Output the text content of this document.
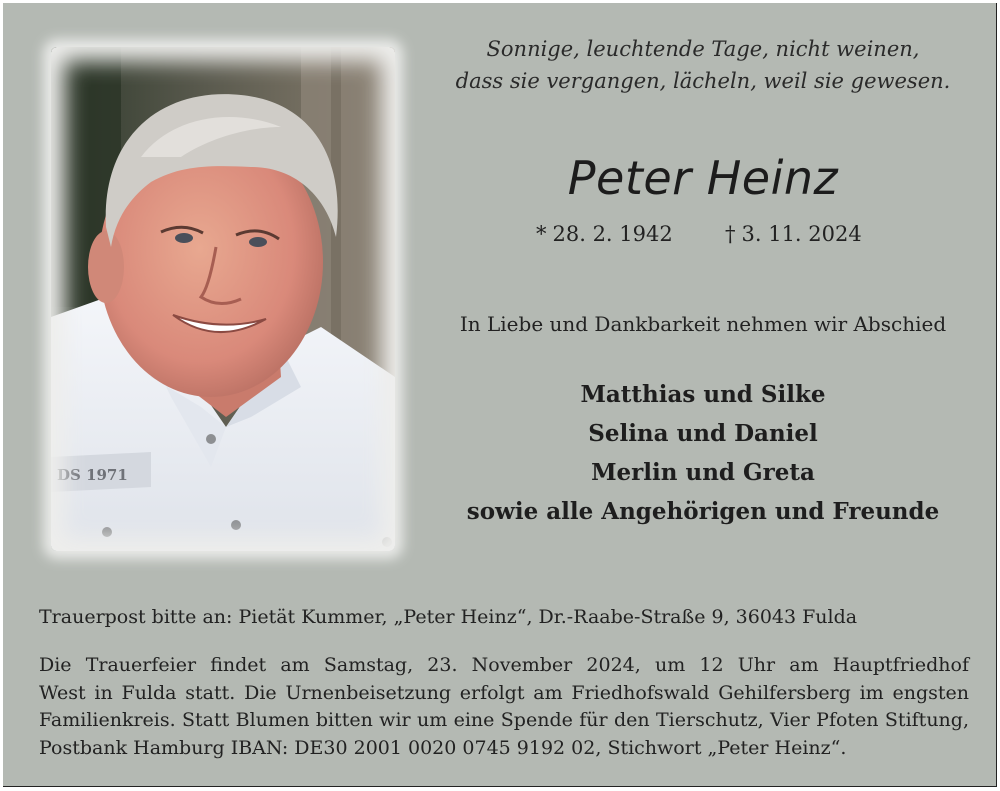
DS 1971
Sonnige, leuchtende Tage, nicht weinen,
dass sie vergangen, lächeln, weil sie gewesen.
Peter Heinz
* 28. 2. 1942 † 3. 11. 2024
In Liebe und Dankbarkeit nehmen wir Abschied
Matthias und Silke
Selina und Daniel
Merlin und Greta
sowie alle Angehörigen und Freunde
Trauerpost bitte an: Pietät Kummer, „Peter Heinz“, Dr.-Raabe-Straße 9, 36043 Fulda
Die Trauerfeier findet am Samstag, 23. November 2024, um 12 Uhr am Hauptfriedhof
West in Fulda statt. Die Urnenbeisetzung erfolgt am Friedhofswald Gehilfersberg im engsten
Familienkreis. Statt Blumen bitten wir um eine Spende für den Tierschutz, Vier Pfoten Stiftung,
Postbank Hamburg IBAN: DE30 2001 0020 0745 9192 02, Stichwort „Peter Heinz“.
